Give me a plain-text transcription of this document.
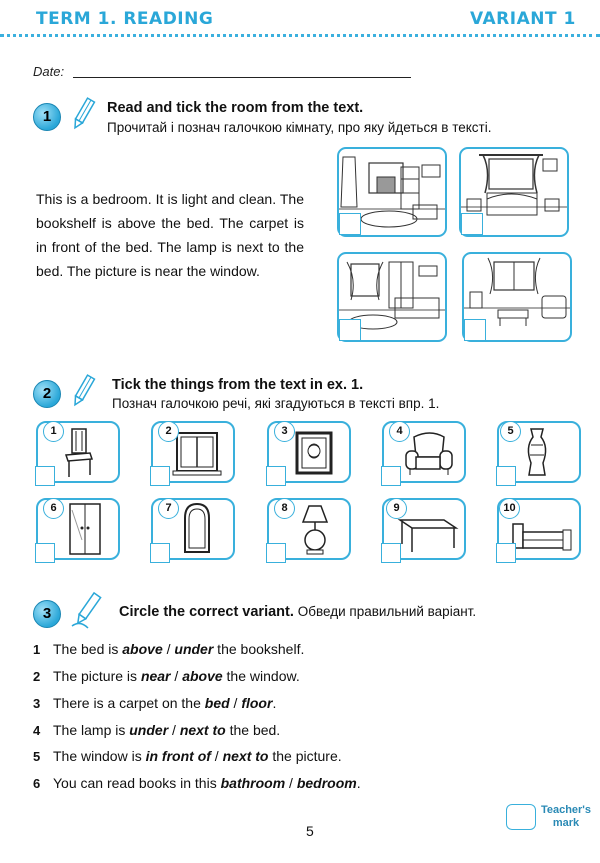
TERM 1. READING	VARIANT 1
Date:
1	Read and tick the room from the text.
Прочитай і познач галочкою кімнату, про яку йдеться в тексті.
This is a bedroom. It is light and clean. The bookshelf is above the bed. The carpet is in front of the bed. The lamp is next to the bed. The picture is near the window.
2	Tick the things from the text in ex. 1.
Познач галочкою речі, які згадуються в тексті впр. 1.
1	2	3	4	5
6	7	8	9	10
3	Circle the correct variant. Обведи правильний варіант.
1 The bed is above / under the bookshelf.
2 The picture is near / above the window.
3 There is a carpet on the bed / floor.
4 The lamp is under / next to the bed.
5 The window is in front of / next to the picture.
6 You can read books in this bathroom / bedroom.
Teacher's
mark
5
